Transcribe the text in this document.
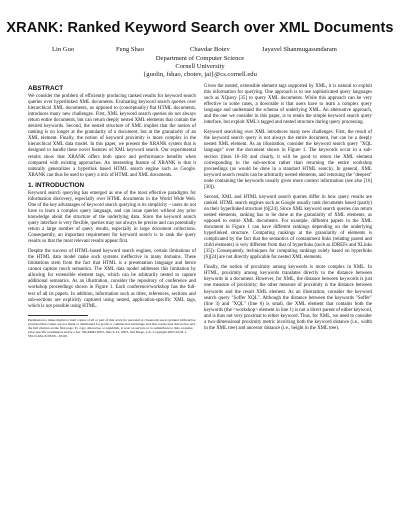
XRANK: Ranked Keyword Search over XML Documents
Lin Guo	Feng Shao	Chavdar Botev	Jayavel Shanmugasundaram
Department of Computer Science
Cornell University
{guolin, fshao, cbotev, jai}@cs.cornell.edu
ABSTRACT

We consider the problem of efficiently producing ranked results for keyword search queries over hyperlinked XML documents. Evaluating keyword search queries over hierarchical XML documents, as opposed to (conceptually) flat HTML documents, introduces many new challenges. First, XML keyword search queries do not always return entire documents, but can return deeply nested XML elements that contain the desired keywords. Second, the nested structure of XML implies that the notion of ranking is no longer at the granularity of a document, but at the granularity of an XML element. Finally, the notion of keyword proximity is more complex in the hierarchical XML data model. In this paper, we present the XRANK system that is designed to handle these novel features of XML keyword search. Our experimental results show that XRANK offers both space and performance benefits when compared with existing approaches. An interesting feature of XRANK is that it naturally generalizes a hyperlink based HTML search engine such as Google. XRANK can thus be used to query a mix of HTML and XML documents.

1. INTRODUCTION

Keyword search querying has emerged as one of the most effective paradigms for information discovery, especially over HTML documents in the World Wide Web. One of the key advantages of keyword search querying is its simplicity – users do not have to learn a complex query language, and can issue queries without any prior knowledge about the structure of the underlying data. Since the keyword search query interface is very flexible, queries may not always be precise and can potentially return a large number of query results, especially in large document collections. Consequently, an important requirement for keyword search is to rank the query results so that the most relevant results appear first.

Despite the success of HTML-based keyword search engines, certain limitations of the HTML data model make such systems ineffective in many domains. These limitations stem from the fact that HTML is a presentation language and hence cannot capture much semantics. The XML data model addresses this limitation by allowing for extensible element tags, which can be arbitrarily nested to capture additional semantics. As an illustration, consider the repository of conference and workshop proceedings shown in Figure 1. Each conference/workshop has the full-text of all its papers. In addition, information such as titles, references, sections and sub-sections are explicitly captured using nested, application-specific XML tags, which is not possible using HTML.

Permission to make digital or hard copies of all or part of this work for personal or classroom use is granted without fee provided that copies are not made or distributed for profit or commercial advantage and that copies bear this notice and the full citation on the first page. To copy otherwise, or republish, to post on servers or to redistribute to lists, requires prior specific permission and/or a fee. SIGMOD 2003, June 9-12, 2003, San Diego, CA. Copyright 2003 ACM 1-58113-634-X/03/06…$5.00.

Given the nested, extensible element tags supported by XML, it is natural to exploit this information for querying. One approach is to use sophisticated query languages such as XQuery [35] to query XML documents. While this approach can be very effective in some cases, a downside is that users have to learn a complex query language and understand the schema of underlying XML. An alternative approach, and the one we consider in this paper, is to retain the simple keyword search query interface, but exploit XML's tagged and nested structure during query processing.

Keyword searching over XML introduces many new challenges. First, the result of the keyword search query is not always the entire document, but can be a deeply nested XML element. As an illustration, consider the keyword search query "XQL language" over the document shown in Figure 1. The keywords occur in a sub-section (lines 16-18) and clearly, it will be good to return the XML element corresponding to the sub-section rather than returning the entire workshop proceedings (as would be done in a standard HTML search). In general, XML keyword search results can be arbitrarily nested elements, and returning the "deepest" node containing the keywords usually gives more context information (see also [16][30]).

Second, XML and HTML keyword search queries differ in how query results are ranked. HTML search engines such as Google usually rank documents based (partly) on their hyperlinked structure [6][24]. Since XML keyword search queries can return nested elements, ranking has to be done at the granularity of XML elements, as opposed to entire XML documents. For example, different papers in the XML document in Figure 1 can have different rankings depending on the underlying hyperlinked structure. Computing rankings at the granularity of elements is complicated by the fact that the semantics of containment links (relating parent and child elements) is very different from that of hyperlinks (such as IDREFs and XLinks [35]). Consequently, techniques for computing rankings solely based on hyperlinks [6][24] are not directly applicable for nested XML elements.

Finally, the notion of proximity among keywords is more complex in XML. In HTML, proximity among keywords translates directly to the distance between keywords in a document. However, for XML, the distance between keywords is just one measure of proximity; the other measure of proximity is the distance between keywords and the result XML element. As an illustration, consider the keyword search query "Soffer XQL". Although the distance between the keywords "Soffer" (line 3) and "XQL" (line 6) is small, the XML element that contains both the keywords (the <workshop> element in line 1) is not a direct parent of either keyword, and is thus not very proximal to either keyword. Thus, for XML, we need to consider a two-dimensional proximity metric involving both the keyword distance (i.e., width in the XML tree) and ancestor distance (i.e., height in the XML tree).
